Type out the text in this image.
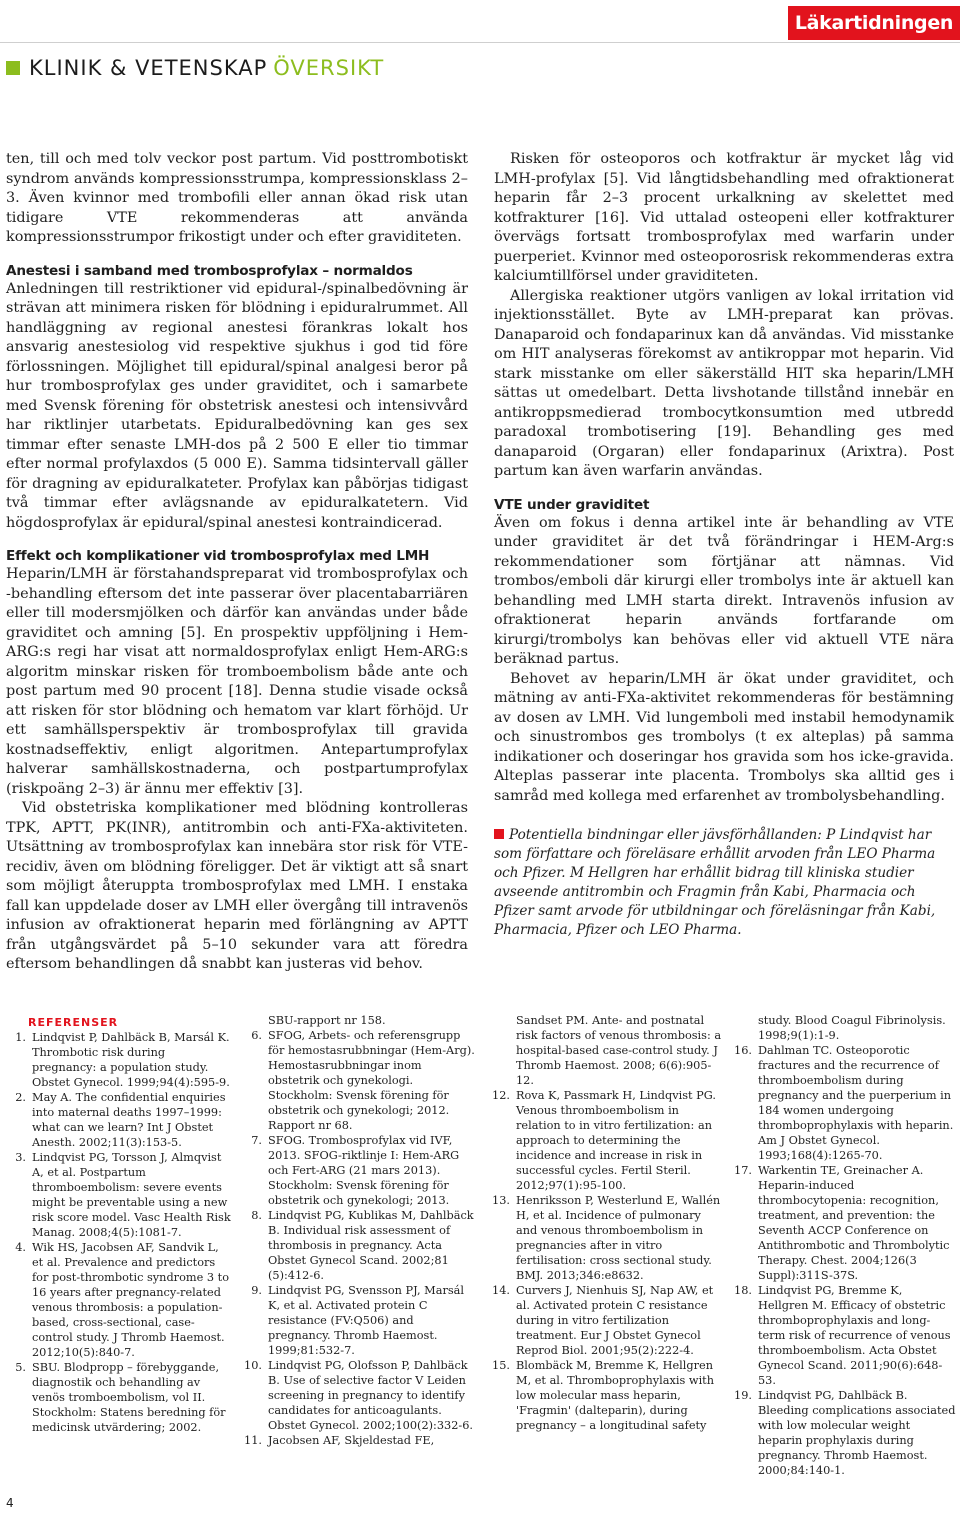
Läkartidningen
KLINIK & VETENSKAP ÖVERSIKT

ten, till och med tolv veckor post partum. Vid posttrombotiskt syndrom används kompressionsstrumpa, kompressionsklass 2–3. Även kvinnor med trombofili eller annan ökad risk utan tidigare VTE rekommenderas att använda kompressionsstrumpor frikostigt under och efter graviditeten.

Anestesi i samband med trombosprofylax – normaldos

Anledningen till restriktioner vid epidural-/spinalbedövning är strävan att minimera risken för blödning i epiduralrummet. All handläggning av regional anestesi förankras lokalt hos ansvarig anestesiolog vid respektive sjukhus i god tid före förlossningen. Möjlighet till epidural/spinal analgesi beror på hur trombosprofylax ges under graviditet, och i samarbete med Svensk förening för obstetrisk anestesi och intensivvård har riktlinjer utarbetats. Epiduralbedövning kan ges sex timmar efter senaste LMH-dos på 2 500 E eller tio timmar efter normal profylaxdos (5 000 E). Samma tidsintervall gäller för dragning av epiduralkateter. Profylax kan påbörjas tidigast två timmar efter avlägsnande av epiduralkatetern. Vid högdosprofylax är epidural/spinal anestesi kontraindicerad.

Effekt och komplikationer vid trombosprofylax med LMH

Heparin/LMH är förstahandspreparat vid trombosprofylax och -behandling eftersom det inte passerar över placentabarriären eller till modersmjölken och därför kan användas under både graviditet och amning [5]. En prospektiv uppföljning i Hem-ARG:s regi har visat att normaldosprofylax enligt Hem-ARG:s algoritm minskar risken för tromboembolism både ante och post partum med 90 procent [18]. Denna studie visade också att risken för stor blödning och hematom var klart förhöjd. Ur ett samhällsperspektiv är trombosprofylax till gravida kostnadseffektiv, enligt algoritmen. Antepartumprofylax halverar samhällskostnaderna, och postpartumprofylax (riskpoäng 2–3) är ännu mer effektiv [3].

Vid obstetriska komplikationer med blödning kontrolleras TPK, APTT, PK(INR), antitrombin och anti-FXa-aktiviteten. Utsättning av trombosprofylax kan innebära stor risk för VTE-recidiv, även om blödning föreligger. Det är viktigt att så snart som möjligt återuppta trombosprofylax med LMH. I enstaka fall kan uppdelade doser av LMH eller övergång till intravenös infusion av ofraktionerat heparin med förlängning av APTT från utgångsvärdet på 5–10 sekunder vara att föredra eftersom behandlingen då snabbt kan justeras vid behov.

Risken för osteoporos och kotfraktur är mycket låg vid LMH-profylax [5]. Vid långtidsbehandling med ofraktionerat heparin får 2–3 procent urkalkning av skelettet med kotfrakturer [16]. Vid uttalad osteopeni eller kotfrakturer övervägs fortsatt trombosprofylax med warfarin under puerperiet. Kvinnor med osteoporosrisk rekommenderas extra kalciumtillförsel under graviditeten.

Allergiska reaktioner utgörs vanligen av lokal irritation vid injektionsstället. Byte av LMH-preparat kan prövas. Danaparoid och fondaparinux kan då användas. Vid misstanke om HIT analyseras förekomst av antikroppar mot heparin. Vid stark misstanke om eller säkerställd HIT ska heparin/LMH sättas ut omedelbart. Detta livshotande tillstånd innebär en antikroppsmedierad trombocytkonsumtion med utbredd paradoxal trombotisering [19]. Behandling ges med danaparoid (Orgaran) eller fondaparinux (Arixtra). Post partum kan även warfarin användas.

VTE under graviditet

Även om fokus i denna artikel inte är behandling av VTE under graviditet är det två förändringar i HEM-Arg:s rekommendationer som förtjänar att nämnas. Vid trombos/emboli där kirurgi eller trombolys inte är aktuell kan behandling med LMH starta direkt. Intravenös infusion av ofraktionerat heparin används fortfarande om kirurgi/trombolys kan behövas eller vid aktuell VTE nära beräknad partus.

Behovet av heparin/LMH är ökat under graviditet, och mätning av anti-FXa-aktivitet rekommenderas för bestämning av dosen av LMH. Vid lungemboli med instabil hemodynamik och sinustrombos ges trombolys (t ex alteplas) på samma indikationer och doseringar hos gravida som hos icke-gravida. Alteplas passerar inte placenta. Trombolys ska alltid ges i samråd med kollega med erfarenhet av trombolysbehandling.

Potentiella bindningar eller jävsförhållanden: P Lindqvist har som författare och föreläsare erhållit arvoden från LEO Pharma och Pfizer. M Hellgren har erhållit bidrag till kliniska studier avseende antitrombin och Fragmin från Kabi, Pharmacia och Pfizer samt arvode för utbildningar och föreläsningar från Kabi, Pharmacia, Pfizer och LEO Pharma.

REFERENSER
1. Lindqvist P, Dahlbäck B, Marsál K. Thrombotic risk during pregnancy: a population study. Obstet Gynecol. 1999;94(4):595-9.
2. May A. The confidential enquiries into maternal deaths 1997–1999: what can we learn? Int J Obstet Anesth. 2002;11(3):153-5.
3. Lindqvist PG, Torsson J, Almqvist A, et al. Postpartum thromboembolism: severe events might be preventable using a new risk score model. Vasc Health Risk Manag. 2008;4(5):1081-7.
4. Wik HS, Jacobsen AF, Sandvik L, et al. Prevalence and predictors for post-thrombotic syndrome 3 to 16 years after pregnancy-related venous thrombosis: a population-based, cross-sectional, case-control study. J Thromb Haemost. 2012;10(5):840-7.
5. SBU. Blodpropp – förebyggande, diagnostik och behandling av venös tromboembolism, vol II. Stockholm: Statens beredning för medicinsk utvärdering; 2002.
SBU-rapport nr 158.
6. SFOG, Arbets- och referensgrupp för hemostasrubbningar (Hem-Arg). Hemostasrubbningar inom obstetrik och gynekologi. Stockholm: Svensk förening för obstetrik och gynekologi; 2012. Rapport nr 68.
7. SFOG. Trombosprofylax vid IVF, 2013. SFOG-riktlinje I: Hem-ARG och Fert-ARG (21 mars 2013). Stockholm: Svensk förening för obstetrik och gynekologi; 2013.
8. Lindqvist PG, Kublikas M, Dahlbäck B. Individual risk assessment of thrombosis in pregnancy. Acta Obstet Gynecol Scand. 2002;81 (5):412-6.
9. Lindqvist PG, Svensson PJ, Marsál K, et al. Activated protein C resistance (FV:Q506) and pregnancy. Thromb Haemost. 1999;81:532-7.
10. Lindqvist PG, Olofsson P, Dahlbäck B. Use of selective factor V Leiden screening in pregnancy to identify candidates for anticoagulants. Obstet Gynecol. 2002;100(2):332-6.
11. Jacobsen AF, Skjeldestad FE,
Sandset PM. Ante- and postnatal risk factors of venous thrombosis: a hospital-based case-control study. J Thromb Haemost. 2008; 6(6):905-12.
12. Rova K, Passmark H, Lindqvist PG. Venous thromboembolism in relation to in vitro fertilization: an approach to determining the incidence and increase in risk in successful cycles. Fertil Steril. 2012;97(1):95-100.
13. Henriksson P, Westerlund E, Wallén H, et al. Incidence of pulmonary and venous thromboembolism in pregnancies after in vitro fertilisation: cross sectional study. BMJ. 2013;346:e8632.
14. Curvers J, Nienhuis SJ, Nap AW, et al. Activated protein C resistance during in vitro fertilization treatment. Eur J Obstet Gynecol Reprod Biol. 2001;95(2):222-4.
15. Blombäck M, Bremme K, Hellgren M, et al. Thromboprophylaxis with low molecular mass heparin, 'Fragmin' (dalteparin), during pregnancy – a longitudinal safety
study. Blood Coagul Fibrinolysis. 1998;9(1):1-9.
16. Dahlman TC. Osteoporotic fractures and the recurrence of thromboembolism during pregnancy and the puerperium in 184 women undergoing thromboprophylaxis with heparin. Am J Obstet Gynecol. 1993;168(4):1265-70.
17. Warkentin TE, Greinacher A. Heparin-induced thrombocytopenia: recognition, treatment, and prevention: the Seventh ACCP Conference on Antithrombotic and Thrombolytic Therapy. Chest. 2004;126(3 Suppl):311S-37S.
18. Lindqvist PG, Bremme K, Hellgren M. Efficacy of obstetric thromboprophylaxis and long-term risk of recurrence of venous thromboembolism. Acta Obstet Gynecol Scand. 2011;90(6):648-53.
19. Lindqvist PG, Dahlbäck B. Bleeding complications associated with low molecular weight heparin prophylaxis during pregnancy. Thromb Haemost. 2000;84:140-1.
4
